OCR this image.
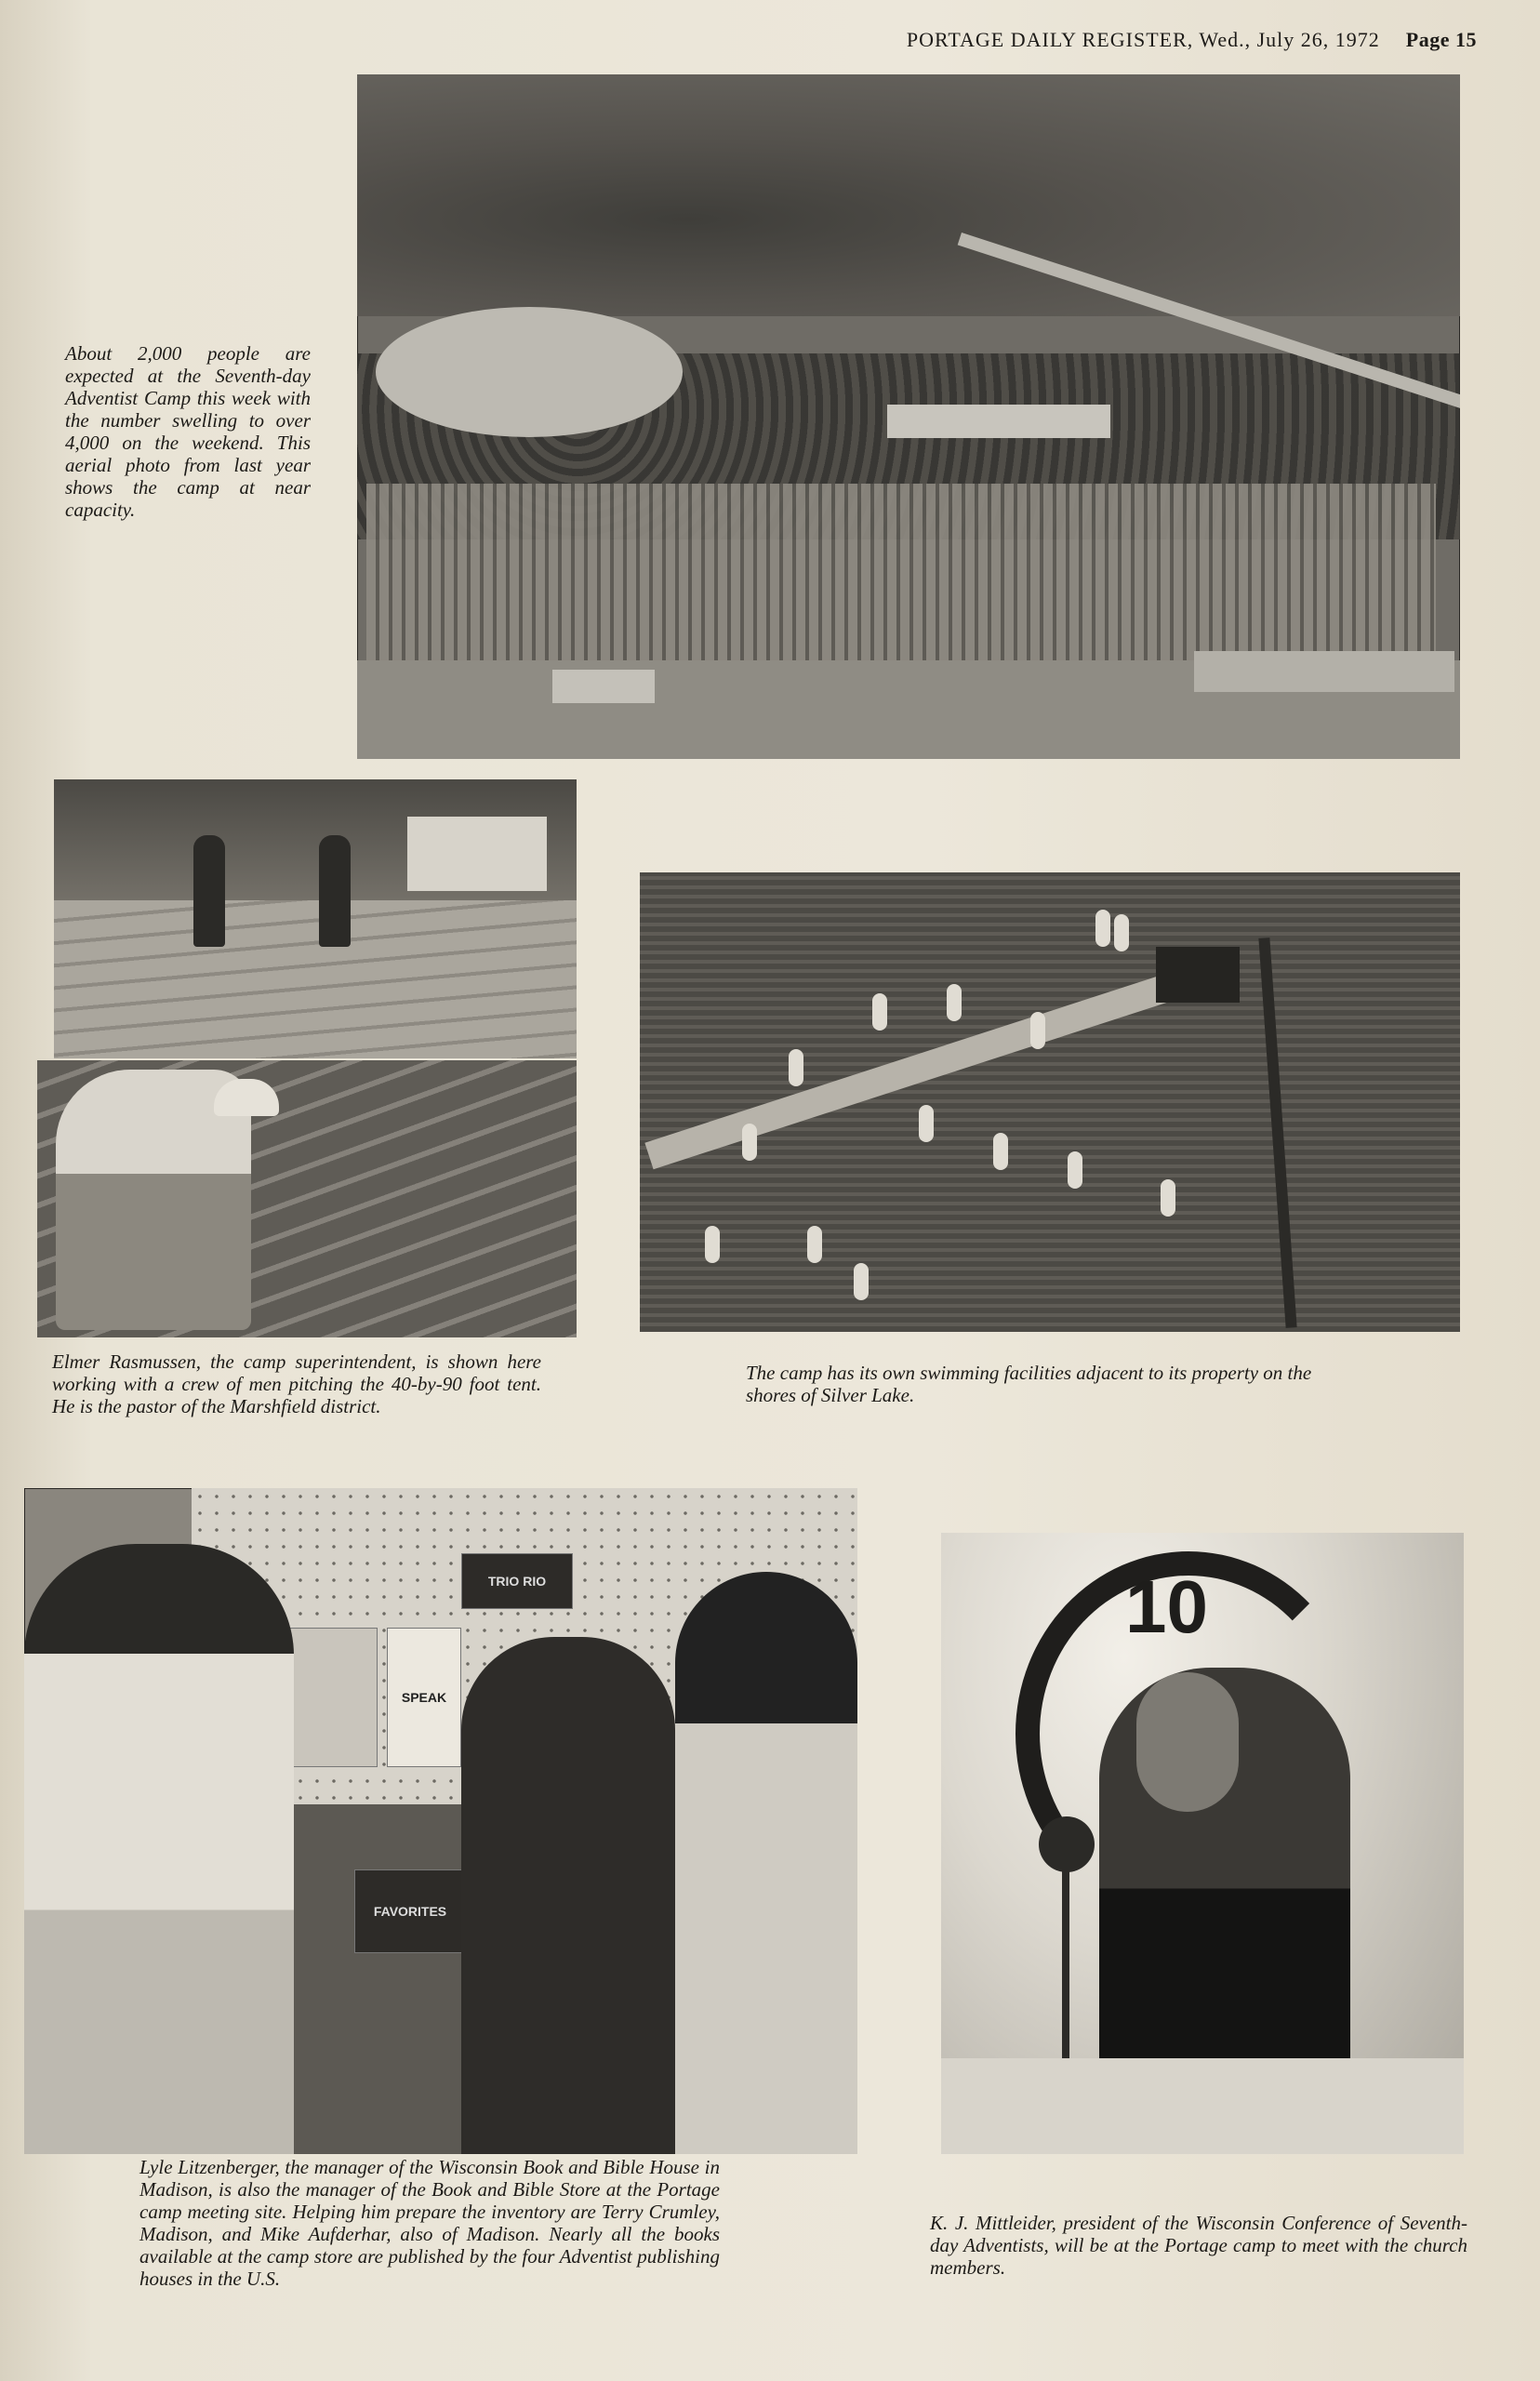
PORTAGE DAILY REGISTER, Wed., July 26, 1972 Page 15
About 2,000 people are expected at the Seventh-day Adventist Camp this week with the number swelling to over 4,000 on the weekend. This aerial photo from last year shows the camp at near capacity.
Elmer Rasmussen, the camp superintendent, is shown here working with a crew of men pitching the 40-by-90 foot tent. He is the pastor of the Marshfield district.
The camp has its own swimming facilities adjacent to its property on the shores of Silver Lake.
TRIO RIO
SPEAK
FAVORITES
Lyle Litzenberger, the manager of the Wisconsin Book and Bible House in Madison, is also the manager of the Book and Bible Store at the Portage camp meeting site. Helping him prepare the inventory are Terry Crumley, Madison, and Mike Aufderhar, also of Madison. Nearly all the books available at the camp store are published by the four Adventist publishing houses in the U.S.
10
K. J. Mittleider, president of the Wisconsin Conference of Seventh-day Adventists, will be at the Portage camp to meet with the church members.
